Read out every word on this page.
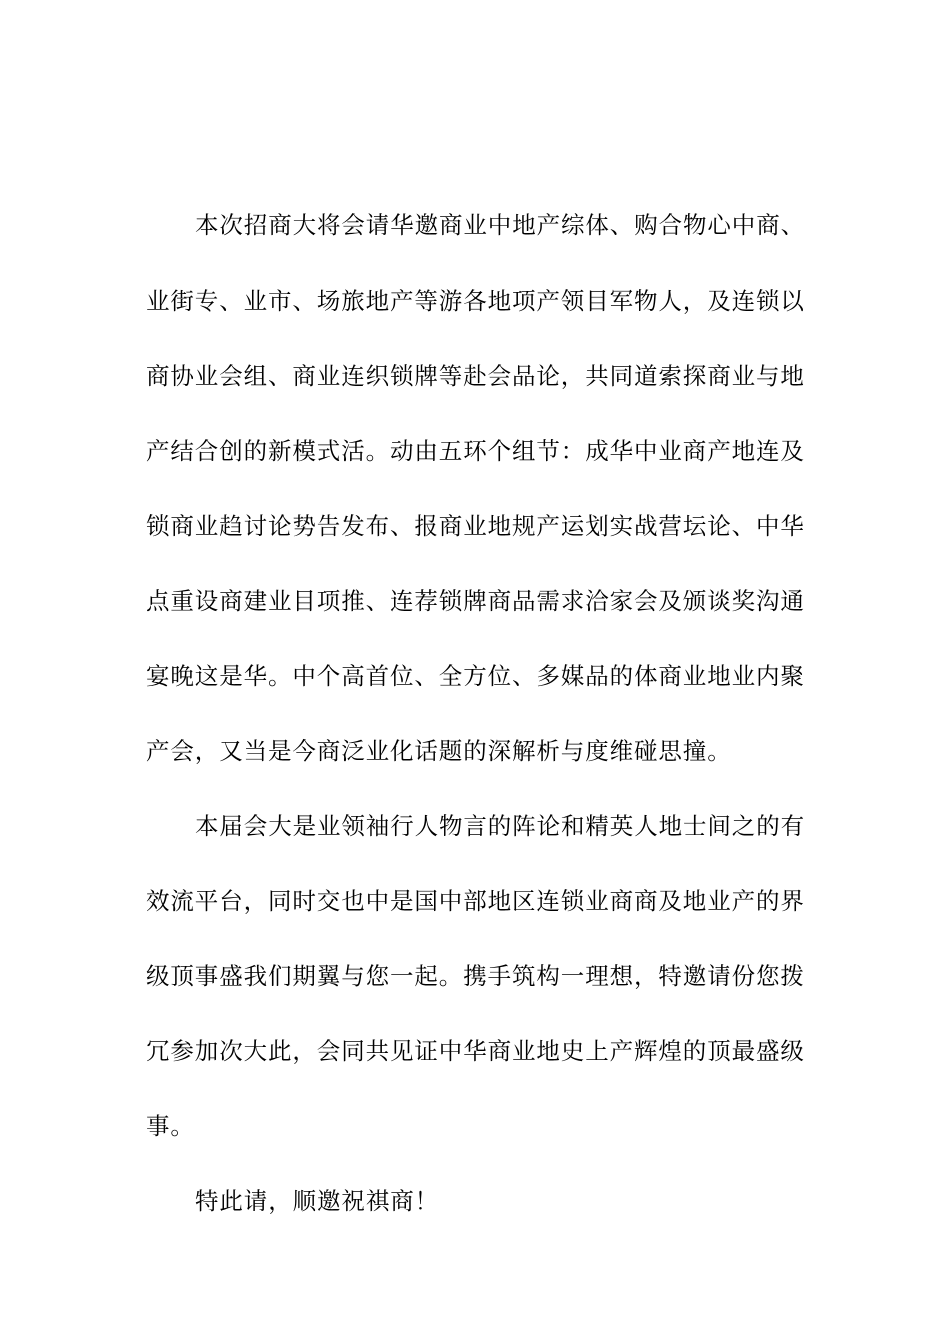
本次招商大将会请华邀商业中地产综体、购合物心中商、
业街专、业市、场旅地产等游各地项产领目军物人，及连锁以
商协业会组、商业连织锁牌等赴会品论，共同道索探商业与地
产结合创的新模式活。动由五环个组节：成华中业商产地连及
锁商业趋讨论势告发布、报商业地规产运划实战营坛论、中华
点重设商建业目项推、连荐锁牌商品需求洽家会及颁谈奖沟通
宴晚这是华。中个高首位、全方位、多媒品的体商业地业内聚
产会，又当是今商泛业化话题的深解析与度维碰思撞。
本届会大是业领袖行人物言的阵论和精英人地士间之的有
效流平台，同时交也中是国中部地区连锁业商商及地业产的界
级顶事盛我们期翼与您一起。携手筑构一理想，特邀请份您拨
冗参加次大此，会同共见证中华商业地史上产辉煌的顶最盛级
事。
特此请，顺邀祝祺商！
